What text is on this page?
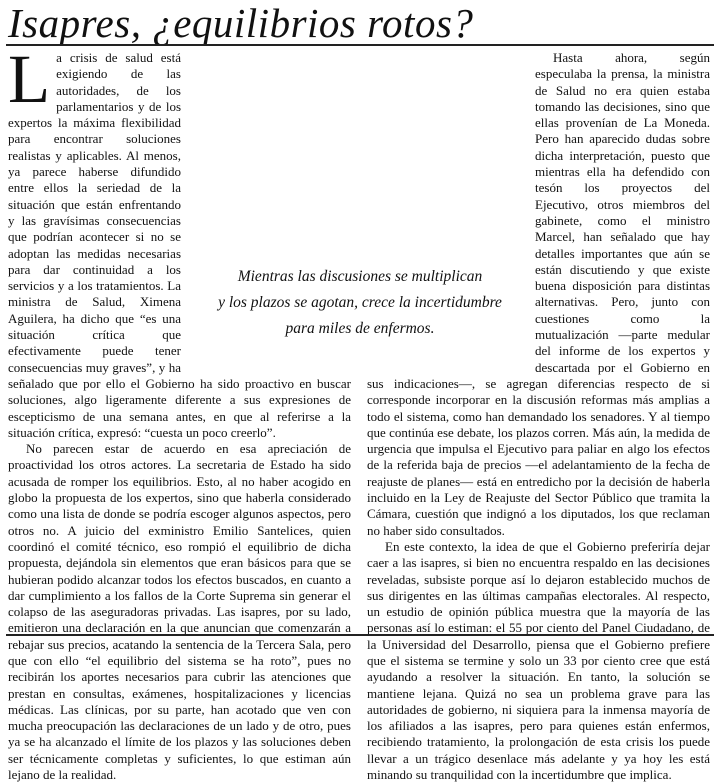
Isapres, ¿equilibrios rotos?

La crisis de salud está exigiendo de las autoridades, de los parlamentarios y de los expertos la máxima flexibilidad para encontrar soluciones realistas y aplicables. Al menos, ya parece haberse difundido entre ellos la seriedad de la situación que están enfrentando y las gravísimas consecuencias que podrían acontecer si no se adoptan las medidas necesarias para dar continuidad a los servicios y a los tratamientos. La ministra de Salud, Ximena Aguilera, ha dicho que “es una situación crítica que efectivamente puede tener consecuencias muy graves”, y ha señalado que por ello el Gobierno ha sido proactivo en buscar soluciones, algo ligeramente diferente a sus expresiones de escepticismo de una semana antes, en que al referirse a la situación crítica, expresó: “cuesta un poco creerlo”.

No parecen estar de acuerdo en esa apreciación de proactividad los otros actores. La secretaria de Estado ha sido acusada de romper los equilibrios. Esto, al no haber acogido en globo la propuesta de los expertos, sino que haberla considerado como una lista de donde se podría escoger algunos aspectos, pero otros no. A juicio del exministro Emilio Santelices, quien coordinó el comité técnico, eso rompió el equilibrio de dicha propuesta, dejándola sin elementos que eran básicos para que se hubieran podido alcanzar todos los efectos buscados, en cuanto a dar cumplimiento a los fallos de la Corte Suprema sin generar el colapso de las aseguradoras privadas. Las isapres, por su lado, emitieron una declaración en la que anuncian que comenzarán a rebajar sus precios, acatando la sentencia de la Tercera Sala, pero que con ello “el equilibrio del sistema se ha roto”, pues no recibirán los aportes necesarios para cubrir las atenciones que prestan en consultas, exámenes, hospitalizaciones y licencias médicas. Las clínicas, por su parte, han acotado que ven con mucha preocupación las declaraciones de un lado y de otro, pues ya se ha alcanzado el límite de los plazos y las soluciones deben ser técnicamente completas y suficientes, lo que estiman aún lejano de la realidad.

Hasta ahora, según especulaba la prensa, la ministra de Salud no era quien estaba tomando las decisiones, sino que ellas provenían de La Moneda. Pero han aparecido dudas sobre dicha interpretación, puesto que mientras ella ha defendido con tesón los proyectos del Ejecutivo, otros miembros del gabinete, como el ministro Marcel, han señalado que hay detalles importantes que aún se están discutiendo y que existe buena disposición para distintas alternativas. Pero, junto con cuestiones como la mutualización —parte medular del informe de los expertos y descartada por el Gobierno en sus indicaciones—, se agregan diferencias respecto de si corresponde incorporar en la discusión reformas más amplias a todo el sistema, como han demandado los senadores. Y al tiempo que continúa ese debate, los plazos corren. Más aún, la medida de urgencia que impulsa el Ejecutivo para paliar en algo los efectos de la referida baja de precios —el adelantamiento de la fecha de reajuste de planes— está en entredicho por la decisión de haberla incluido en la Ley de Reajuste del Sector Público que tramita la Cámara, cuestión que indignó a los diputados, los que reclaman no haber sido consultados.

En este contexto, la idea de que el Gobierno preferiría dejar caer a las isapres, si bien no encuentra respaldo en las decisiones reveladas, subsiste porque así lo dejaron establecido muchos de sus dirigentes en las últimas campañas electorales. Al respecto, un estudio de opinión pública muestra que la mayoría de las personas así lo estiman: el 55 por ciento del Panel Ciudadano, de la Universidad del Desarrollo, piensa que el Gobierno prefiere que el sistema se termine y solo un 33 por ciento cree que está ayudando a resolver la situación. En tanto, la solución se mantiene lejana. Quizá no sea un problema grave para las autoridades de gobierno, ni siquiera para la inmensa mayoría de los afiliados a las isapres, pero para quienes están enfermos, recibiendo tratamiento, la prolongación de esta crisis los puede llevar a un trágico desenlace más adelante y ya hoy les está minando su tranquilidad con la incertidumbre que implica.

Mientras las discusiones se multiplican
y los plazos se agotan, crece la incertidumbre
para miles de enfermos.
